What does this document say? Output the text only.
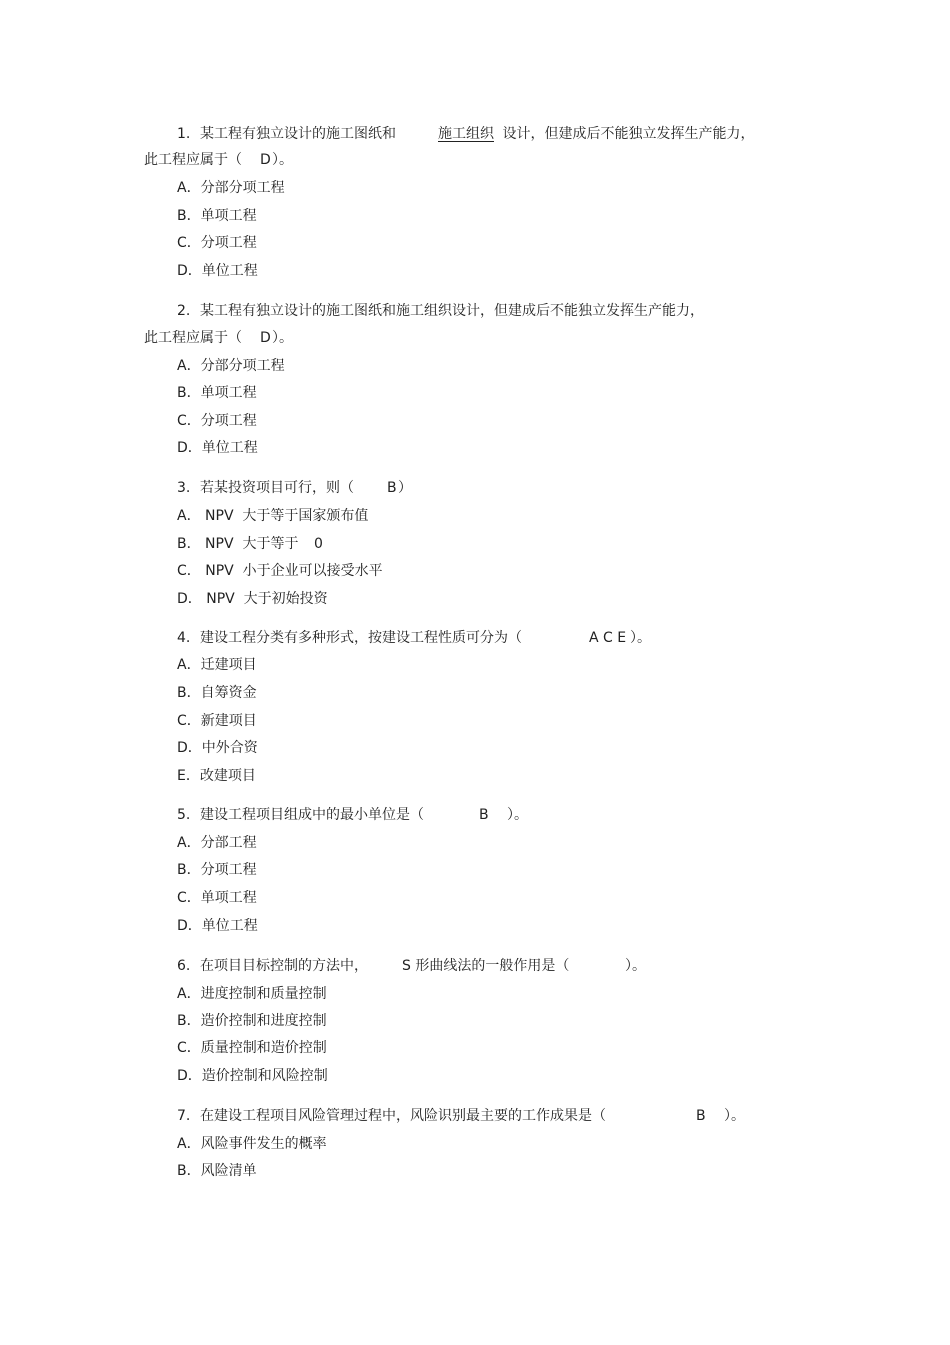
1. 某工程有独立设计的施工图纸和	施工组织 设计，但建成后不能独立发挥生产能力，
此工程应属于（ D ）。
A．分部分项工程
B．单项工程
C．分项工程
D．单位工程
2. 某工程有独立设计的施工图纸和施工组织设计，但建成后不能独立发挥生产能力，
此工程应属于（ D ）。
A．分部分项工程
B．单项工程
C．分项工程
D．单位工程
3. 若某投资项目可行，则（ B ）
A． NPV  大于等于国家颁布值
B． NPV  大于等于 0
C． NPV  小于企业可以接受水平
D． NPV  大于初始投资
4. 建设工程分类有多种形式，按建设工程性质可分为（	A C E ）。
A．迁建项目
B．自筹资金
C．新建项目
D．中外合资
E．改建项目
5. 建设工程项目组成中的最小单位是（	B ）。
A．分部工程
B．分项工程
C．单项工程
D．单位工程
6. 在项目目标控制的方法中， S 形曲线法的一般作用是（	）。
A．进度控制和质量控制
B．造价控制和进度控制
C．质量控制和造价控制
D．造价控制和风险控制
7. 在建设工程项目风险管理过程中，风险识别最主要的工作成果是（	B ）。
A．风险事件发生的概率
B．风险清单
